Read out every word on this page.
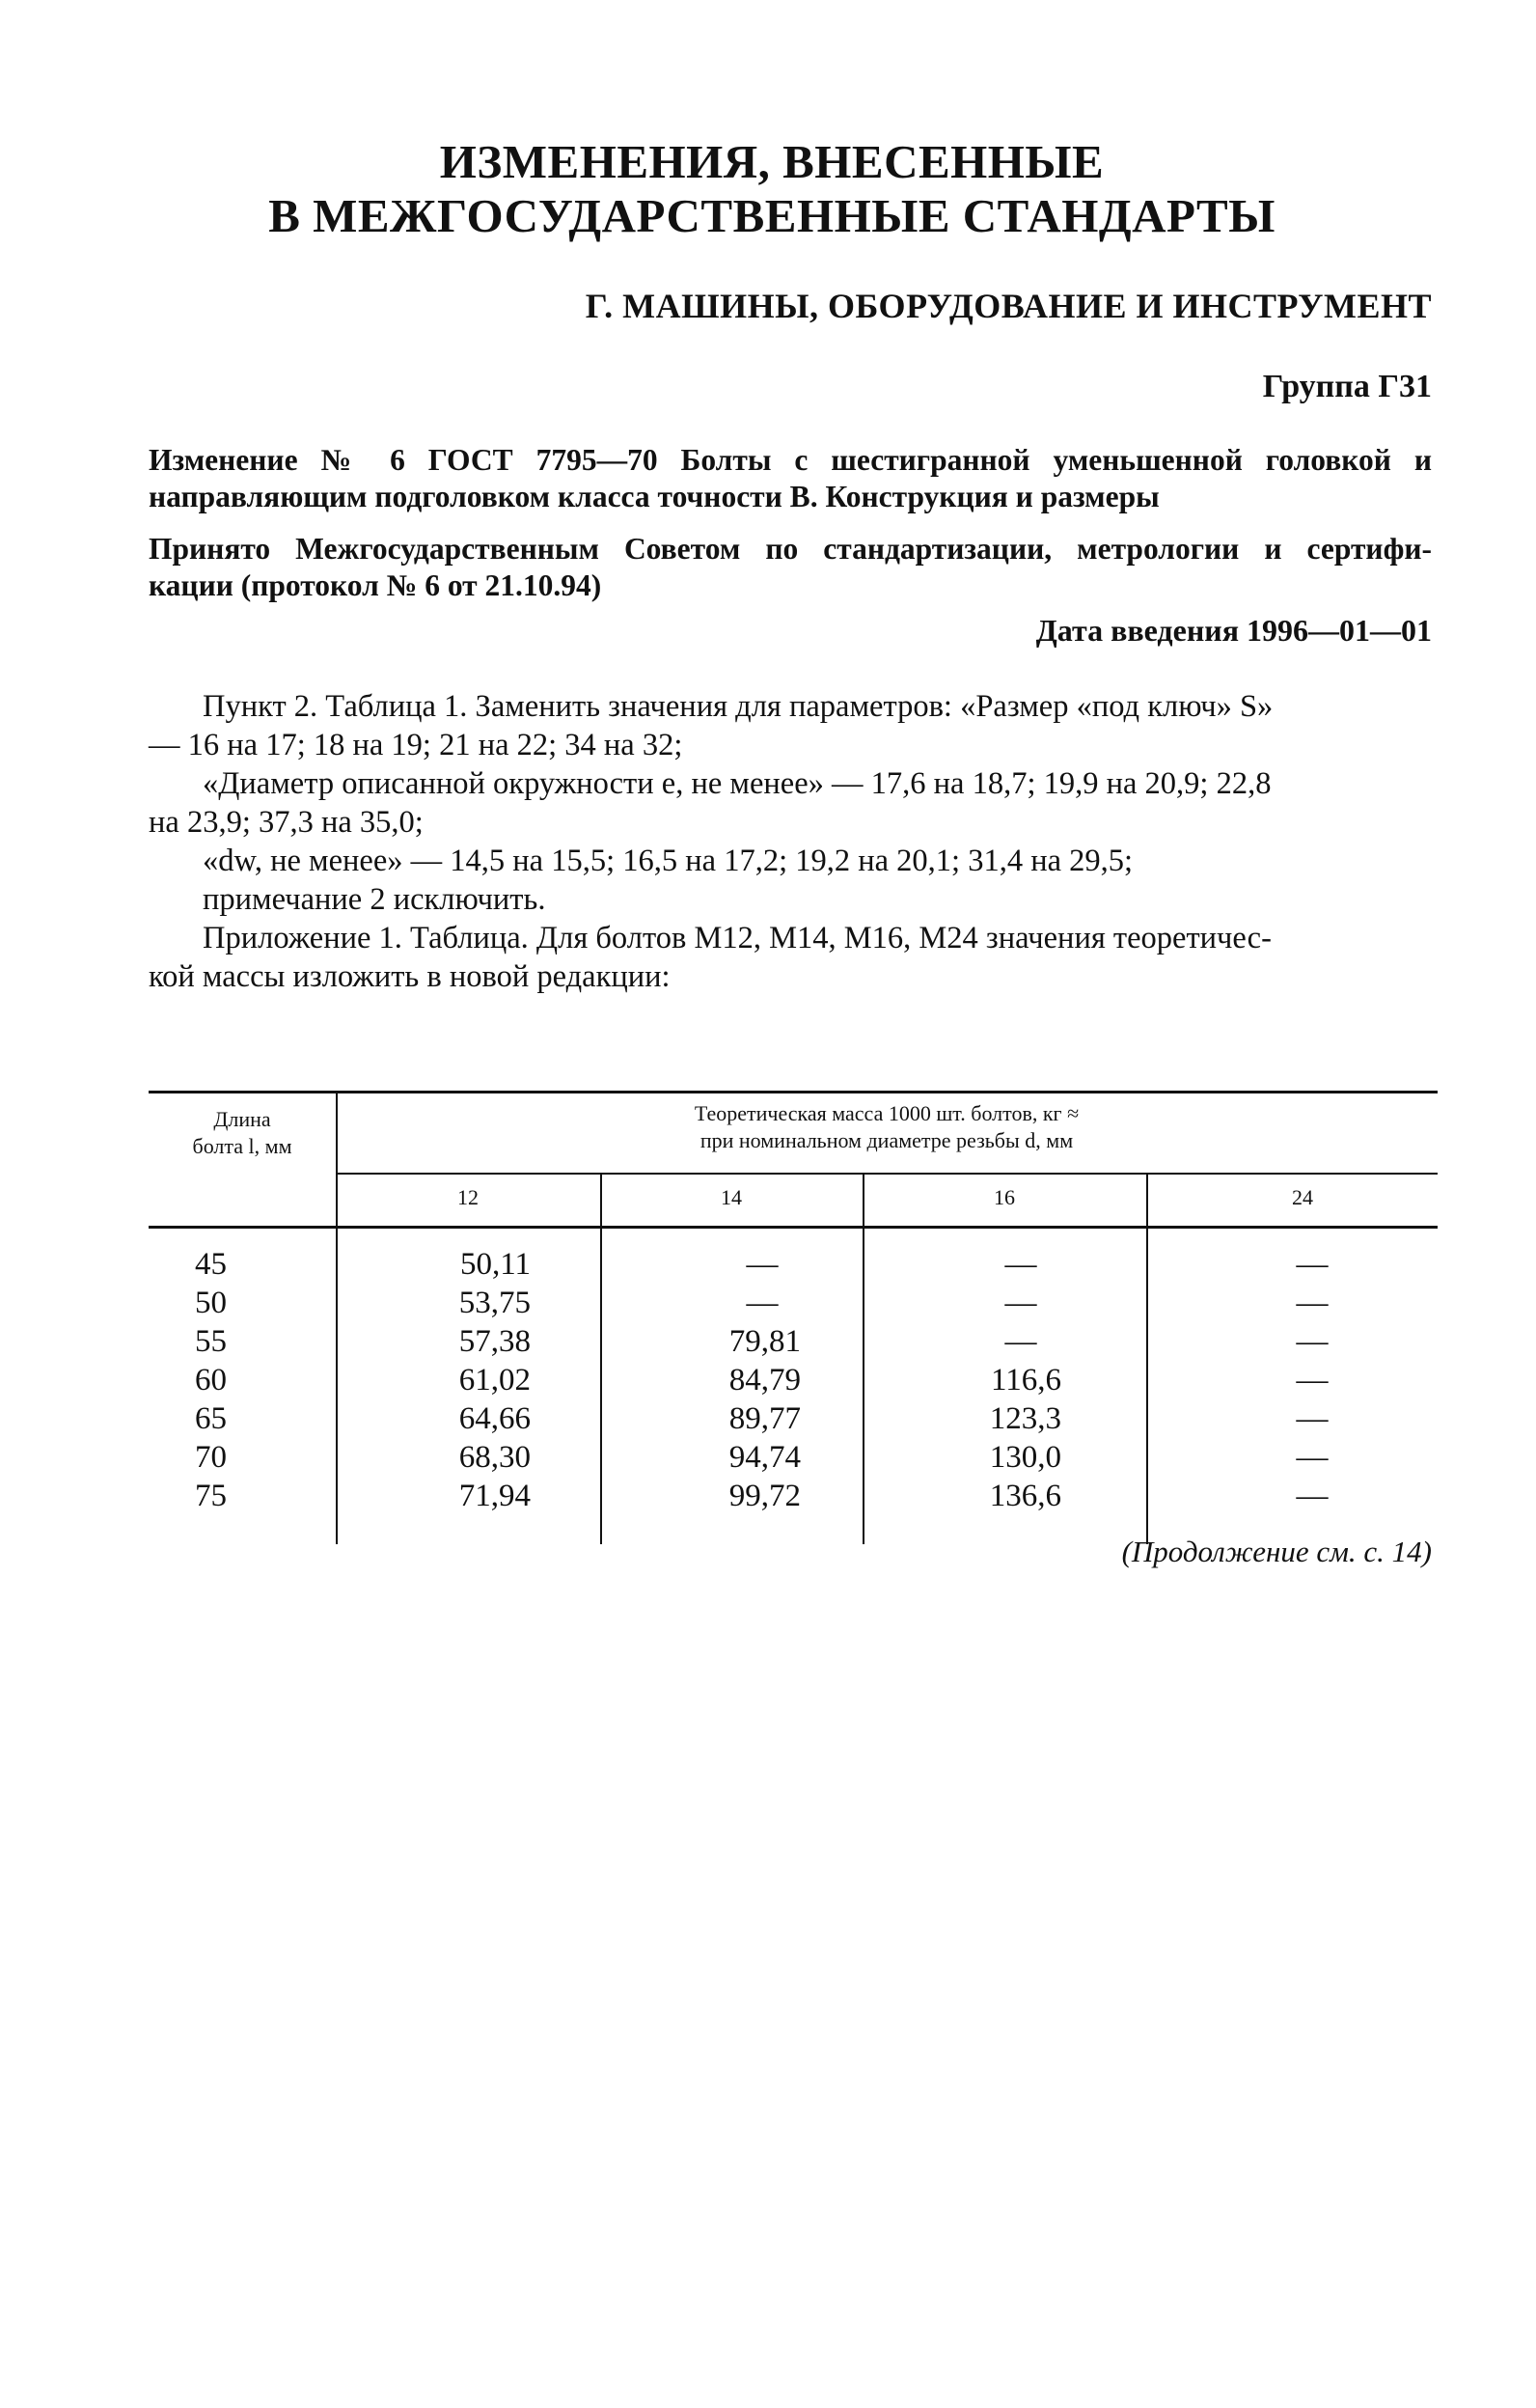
ИЗМЕНЕНИЯ, ВНЕСЕННЫЕ
В МЕЖГОСУДАРСТВЕННЫЕ СТАНДАРТЫ
Г. МАШИНЫ, ОБОРУДОВАНИЕ И ИНСТРУМЕНТ
Группа Г31
Изменение № 6 ГОСТ 7795—70 Болты с шестигранной уменьшенной головкой и
направляющим подголовком класса точности В. Конструкция и размеры
Принято Межгосударственным Советом по стандартизации, метрологии и сертифи-
кации (протокол № 6 от 21.10.94)
Дата введения 1996—01—01
Пункт 2. Таблица 1. Заменить значения для параметров: «Размер «под ключ» S»
— 16 на 17; 18 на 19; 21 на 22; 34 на 32;
«Диаметр описанной окружности e, не менее» — 17,6 на 18,7; 19,9 на 20,9; 22,8
на 23,9; 37,3 на 35,0;
«dw, не менее» — 14,5 на 15,5; 16,5 на 17,2; 19,2 на 20,1; 31,4 на 29,5;
примечание 2 исключить.
Приложение 1. Таблица. Для болтов М12, М14, М16, М24 значения теоретичес-
кой массы изложить в новой редакции:
Длина
болта l, мм
Теоретическая масса 1000 шт. болтов, кг ≈
при номинальном диаметре резьбы d, мм
12	14	16	24
45	50,11	—	—	—
50	53,75	—	—	—
55	57,38	79,81	—	—
60	61,02	84,79	116,6	—
65	64,66	89,77	123,3	—
70	68,30	94,74	130,0	—
75	71,94	99,72	136,6	—
(Продолжение см. с. 14)
